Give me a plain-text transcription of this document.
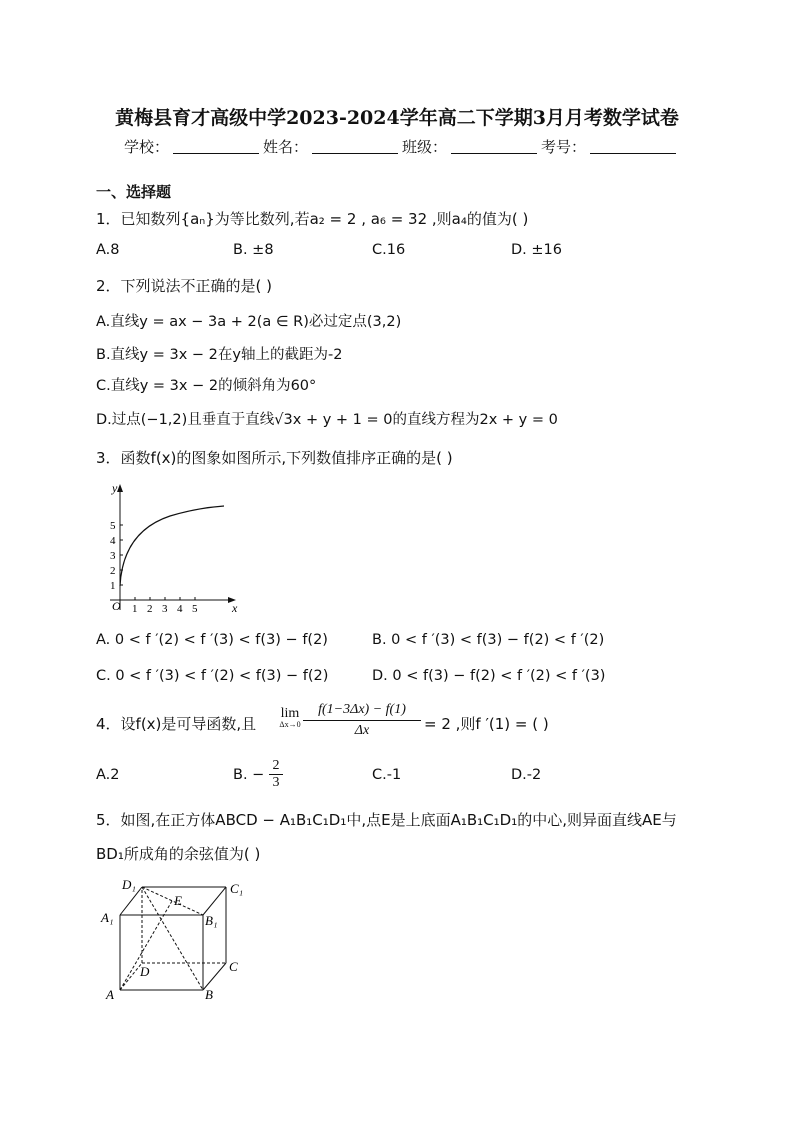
黄梅县育才高级中学2023-2024学年高二下学期3月月考数学试卷
学校：	姓名：	班级：	考号：
一、选择题
1．已知数列{aₙ}为等比数列,若a₂ = 2 , a₆ = 32 ,则a₄的值为( )
A.8	B. ±8	C.16	D. ±16
2．下列说法不正确的是( )
A.直线y = ax − 3a + 2(a ∈ R)必过定点(3,2)
B.直线y = 3x − 2在y轴上的截距为-2
C.直线y = 3x − 2的倾斜角为60°
D.过点(−1,2)且垂直于直线√3x + y + 1 = 0的直线方程为2x + y = 0
3．函数f(x)的图象如图所示,下列数值排序正确的是( )
x
y
O 1 2 3 4 5
1
2
3
4
5
A. 0 < f ′(2) < f ′(3) < f(3) − f(2)	B. 0 < f ′(3) < f(3) − f(2) < f ′(2)
C. 0 < f ′(3) < f ′(2) < f(3) − f(2)	D. 0 < f(3) − f(2) < f ′(2) < f ′(3)
4．设f(x)是可导函数,且
lim
$\Delta x\to 0 \frac{f(1-3\Delta x) - f(1)}{\Delta x} = 2$ ,则f ′(1) = ( )
A.2	B. − $\frac{2}{3}$	C.-1	D.-2
5．如图,在正方体ABCD − A₁B₁C₁D₁中,点E是上底面A₁B₁C₁D₁的中心,则异面直线AE与
BD₁所成角的余弦值为( )
A	B
C
D
A₁	B₁
C₁
D₁
E
